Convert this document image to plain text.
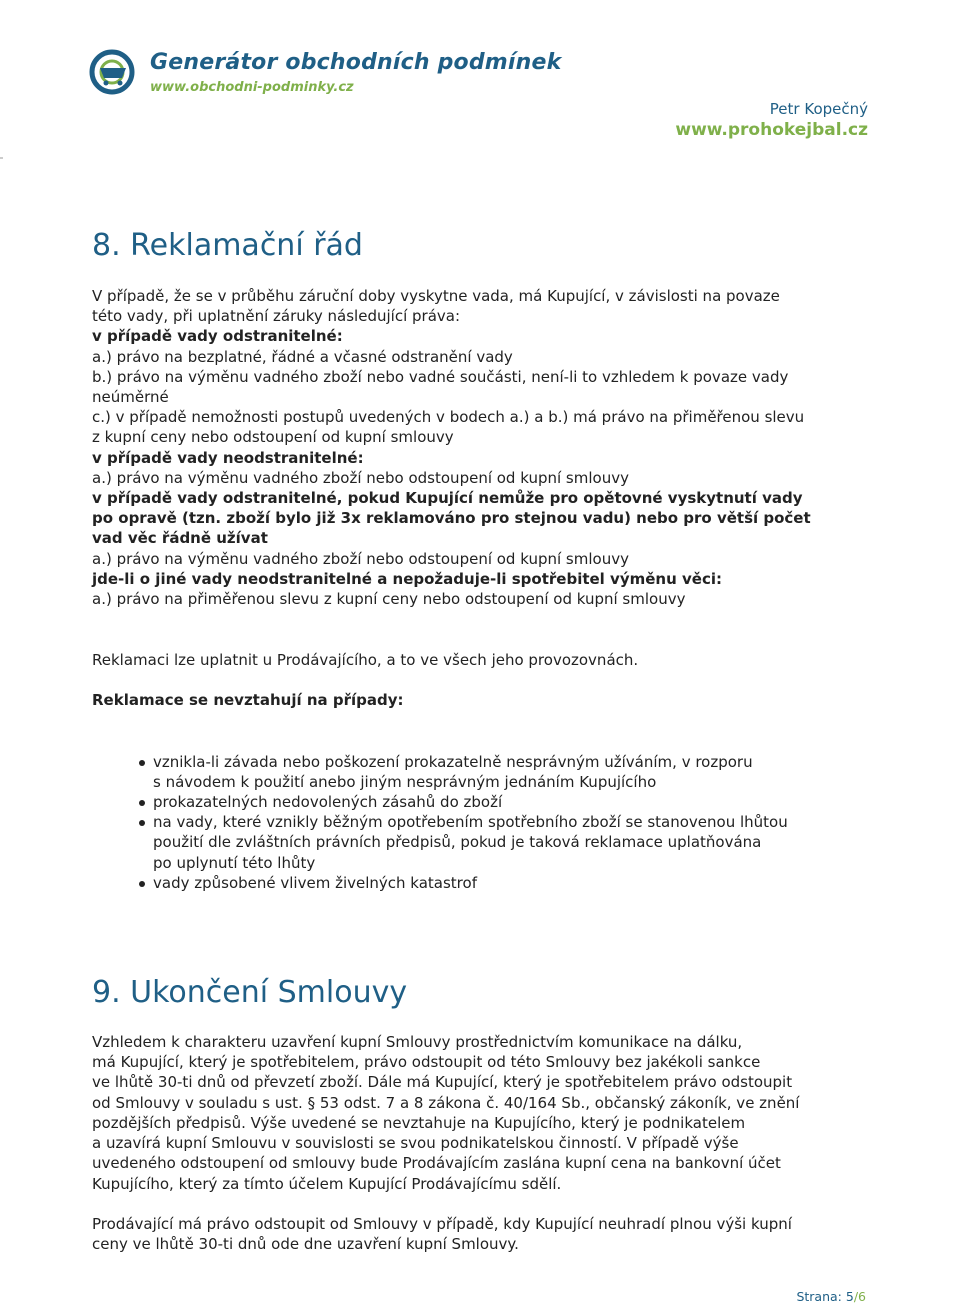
Generátor obchodních podmínek
www.obchodni-podminky.cz
Petr Kopečný
www.prohokejbal.cz
8. Reklamační řád
V případě, že se v průběhu záruční doby vyskytne vada, má Kupující, v závislosti na povaze
této vady, při uplatnění záruky následující práva:
v případě vady odstranitelné:
a.) právo na bezplatné, řádné a včasné odstranění vady
b.) právo na výměnu vadného zboží nebo vadné součásti, není-li to vzhledem k povaze vady
neúměrné
c.) v případě nemožnosti postupů uvedených v bodech a.) a b.) má právo na přiměřenou slevu
z kupní ceny nebo odstoupení od kupní smlouvy
v případě vady neodstranitelné:
a.) právo na výměnu vadného zboží nebo odstoupení od kupní smlouvy
v případě vady odstranitelné, pokud Kupující nemůže pro opětovné vyskytnutí vady
po opravě (tzn. zboží bylo již 3x reklamováno pro stejnou vadu) nebo pro větší počet
vad věc řádně užívat
a.) právo na výměnu vadného zboží nebo odstoupení od kupní smlouvy
jde-li o jiné vady neodstranitelné a nepožaduje-li spotřebitel výměnu věci:
a.) právo na přiměřenou slevu z kupní ceny nebo odstoupení od kupní smlouvy

Reklamaci lze uplatnit u Prodávajícího, a to ve všech jeho provozovnách.

Reklamace se nevztahují na případy:

vznikla-li závada nebo poškození prokazatelně nesprávným užíváním, v rozporu
s návodem k použití anebo jiným nesprávným jednáním Kupujícího
prokazatelných nedovolených zásahů do zboží
na vady, které vznikly běžným opotřebením spotřebního zboží se stanovenou lhůtou
použití dle zvláštních právních předpisů, pokud je taková reklamace uplatňována
po uplynutí této lhůty
vady způsobené vlivem živelných katastrof
9. Ukončení Smlouvy
Vzhledem k charakteru uzavření kupní Smlouvy prostřednictvím komunikace na dálku,
má Kupující, který je spotřebitelem, právo odstoupit od této Smlouvy bez jakékoli sankce
ve lhůtě 30-ti dnů od převzetí zboží. Dále má Kupující, který je spotřebitelem právo odstoupit
od Smlouvy v souladu s ust. § 53 odst. 7 a 8 zákona č. 40/164 Sb., občanský zákoník, ve znění
pozdějších předpisů. Výše uvedené se nevztahuje na Kupujícího, který je podnikatelem
a uzavírá kupní Smlouvu v souvislosti se svou podnikatelskou činností. V případě výše
uvedeného odstoupení od smlouvy bude Prodávajícím zaslána kupní cena na bankovní účet
Kupujícího, který za tímto účelem Kupující Prodávajícímu sdělí.
Prodávající má právo odstoupit od Smlouvy v případě, kdy Kupující neuhradí plnou výši kupní
ceny ve lhůtě 30-ti dnů ode dne uzavření kupní Smlouvy.
Strana: 5/6
